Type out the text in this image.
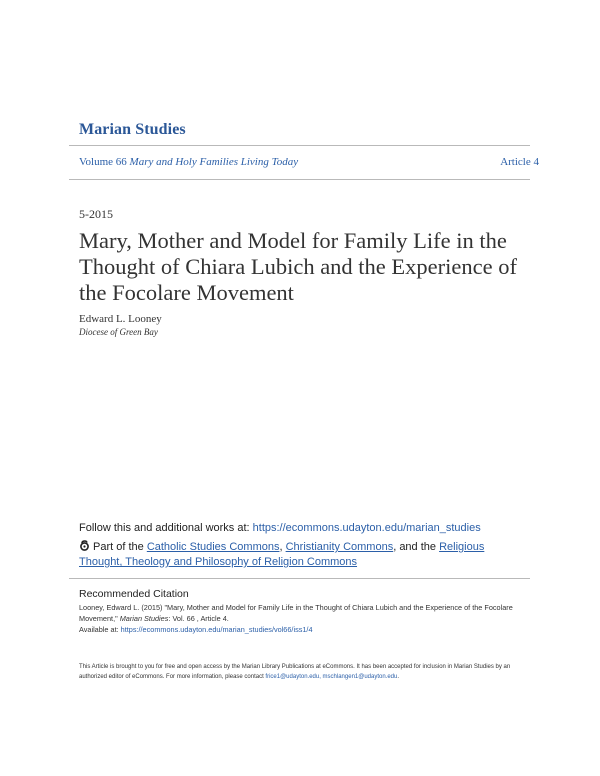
Marian Studies
Volume 66 Mary and Holy Families Living Today	Article 4
5-2015
Mary, Mother and Model for Family Life in the Thought of Chiara Lubich and the Experience of the Focolare Movement
Edward L. Looney
Diocese of Green Bay
Follow this and additional works at: https://ecommons.udayton.edu/marian_studies
Part of the Catholic Studies Commons, Christianity Commons, and the Religious Thought, Theology and Philosophy of Religion Commons
Recommended Citation
Looney, Edward L. (2015) "Mary, Mother and Model for Family Life in the Thought of Chiara Lubich and the Experience of the Focolare Movement," Marian Studies: Vol. 66 , Article 4.
Available at: https://ecommons.udayton.edu/marian_studies/vol66/iss1/4
This Article is brought to you for free and open access by the Marian Library Publications at eCommons. It has been accepted for inclusion in Marian Studies by an authorized editor of eCommons. For more information, please contact frice1@udayton.edu, mschlangen1@udayton.edu.
